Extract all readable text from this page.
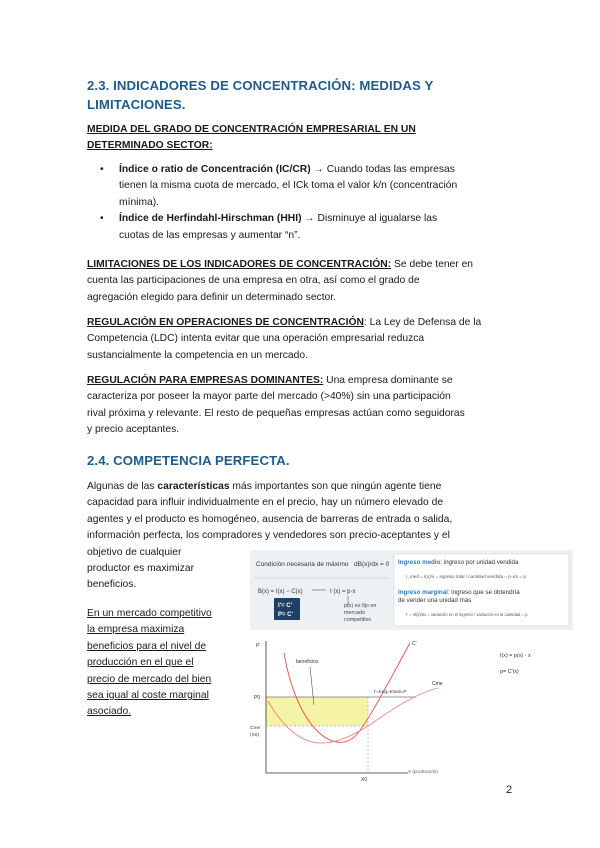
2.3. INDICADORES DE CONCENTRACIÓN: MEDIDAS Y
LIMITACIONES.
MEDIDA DEL GRADO DE CONCENTRACIÓN EMPRESARIAL EN UN
DETERMINADO SECTOR:
• Índice o ratio de Concentración (IC/CR) → Cuando todas las empresas
tienen la misma cuota de mercado, el ICk toma el valor k/n (concentración
mínima).
• Índice de Herfindahl-Hirschman (HHI) → Disminuye al igualarse las
cuotas de las empresas y aumentar “n”.
LIMITACIONES DE LOS INDICADORES DE CONCENTRACIÓN: Se debe tener en
cuenta las participaciones de una empresa en otra, así como el grado de
agregación elegido para definir un determinado sector.
REGULACIÓN EN OPERACIONES DE CONCENTRACIÓN: La Ley de Defensa de la
Competencia (LDC) intenta evitar que una operación empresarial reduzca
sustancialmente la competencia en un mercado.
REGULACIÓN PARA EMPRESAS DOMINANTES: Una empresa dominante se
caracteriza por poseer la mayor parte del mercado (>40%) sin una participación
rival próxima y relevante. El resto de pequeñas empresas actúan como seguidoras
y precio aceptantes.
2.4. COMPETENCIA PERFECTA.
Algunas de las características más importantes son que ningún agente tiene
capacidad para influir individualmente en el precio, hay un número elevado de
agentes y el producto es homogéneo, ausencia de barreras de entrada o salida,
información perfecta, los compradores y vendedores son precio-aceptantes y el
objetivo de cualquier
productor es maximizar
beneficios.
En un mercado competitivo
la empresa maximiza
beneficios para el nivel de
producción en el que el
precio de mercado del bien
sea igual al coste marginal
asociado.
Condición necesaria de máximo dB(x)/dx = 0
B(x) = I(x) − C(x)	I (x) = p·x
I'= C'
P= C'
p(x) es fijo en
mercado
competitivo
Ingreso medio: ingreso por unidad vendida
I_med = I(x)/x = ingreso total / cantidad vendida = p·x/x = p
Ingreso marginal: ingreso que se obtendría
de vender una unidad más
I' = ∂I(x)/∂x = variación en el ingreso / variación en la cantidad = p
P
P0
I'=Img=Imed=P
C'
Cme
Cme
(X0)
beneficios
X0
X (producción)
I(x) = p(x) · x
p= C'(x)
2
